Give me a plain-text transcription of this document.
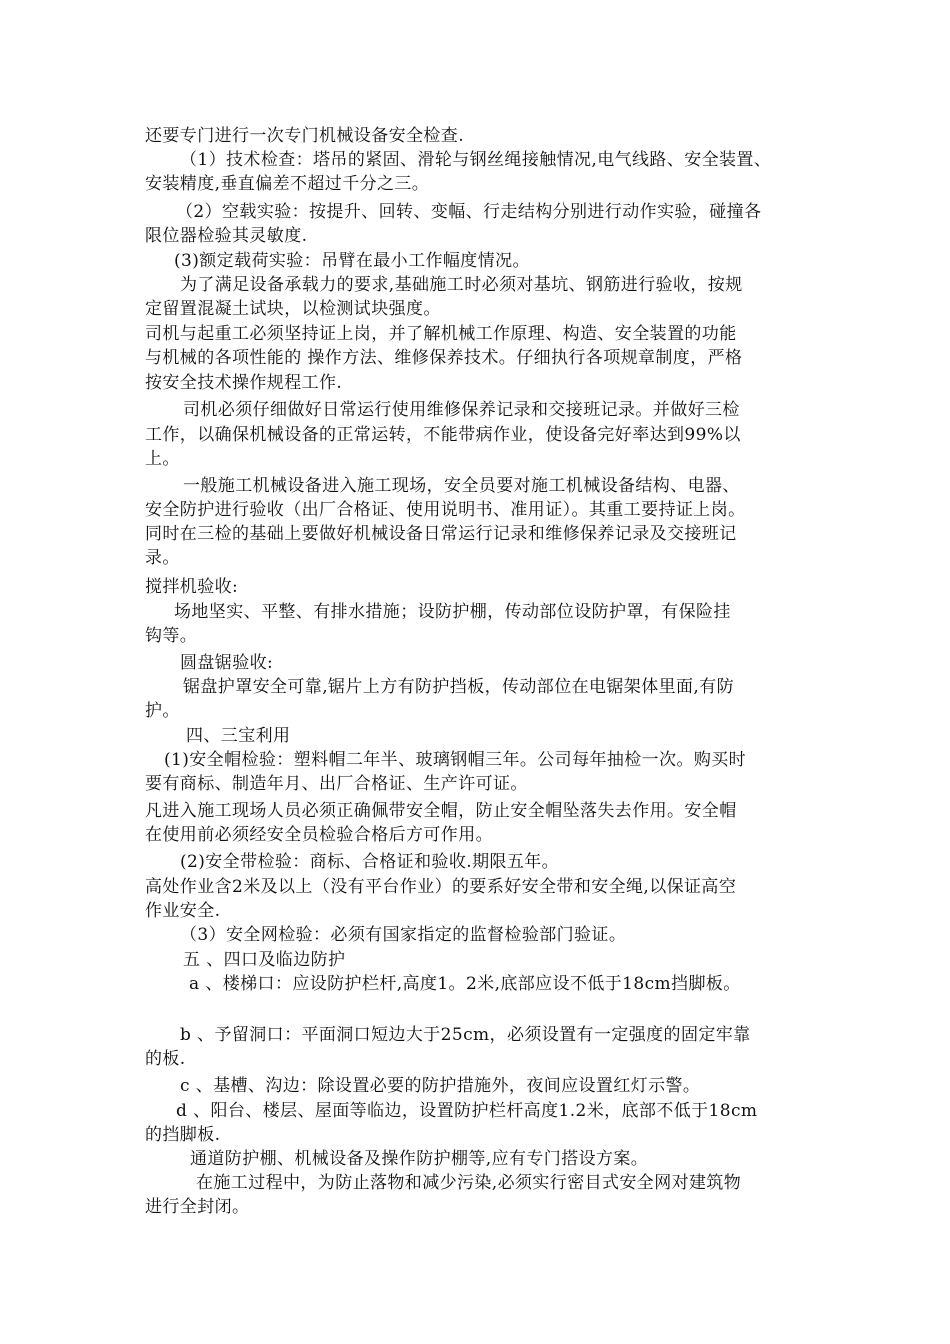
还要专门进行一次专门机械设备安全检查.
（1）技术检查：塔吊的紧固、滑轮与钢丝绳接触情况,电气线路、安全装置、
安装精度,垂直偏差不超过千分之三。
（2）空载实验：按提升、回转、变幅、行走结构分别进行动作实验，碰撞各
限位器检验其灵敏度.
(3)额定载荷实验：吊臂在最小工作幅度情况。
为了满足设备承载力的要求,基础施工时必须对基坑、钢筋进行验收，按规
定留置混凝土试块，以检测试块强度。
司机与起重工必须坚持证上岗，并了解机械工作原理、构造、安全装置的功能
与机械的各项性能的 操作方法、维修保养技术。仔细执行各项规章制度，严格
按安全技术操作规程工作.
司机必须仔细做好日常运行使用维修保养记录和交接班记录。并做好三检
工作，以确保机械设备的正常运转，不能带病作业，使设备完好率达到99%以
上。
一般施工机械设备进入施工现场，安全员要对施工机械设备结构、电器、
安全防护进行验收（出厂合格证、使用说明书、准用证）。其重工要持证上岗。
同时在三检的基础上要做好机械设备日常运行记录和维修保养记录及交接班记
录。
搅拌机验收:
场地坚实、平整、有排水措施；设防护棚，传动部位设防护罩，有保险挂
钩等。
圆盘锯验收:
锯盘护罩安全可靠,锯片上方有防护挡板，传动部位在电锯架体里面,有防
护。
四、三宝利用
(1)安全帽检验：塑料帽二年半、玻璃钢帽三年。公司每年抽检一次。购买时
要有商标、制造年月、出厂合格证、生产许可证。
凡进入施工现场人员必须正确佩带安全帽，防止安全帽坠落失去作用。安全帽
在使用前必须经安全员检验合格后方可作用。
(2)安全带检验：商标、合格证和验收.期限五年。
高处作业含2米及以上（没有平台作业）的要系好安全带和安全绳,以保证高空
作业安全.
（3）安全网检验：必须有国家指定的监督检验部门验证。
五 、四口及临边防护
a 、楼梯口：应设防护栏杆,高度1。2米,底部应设不低于18cm挡脚板。
b 、予留洞口：平面洞口短边大于25cm，必须设置有一定强度的固定牢靠
的板.
c 、基槽、沟边：除设置必要的防护措施外，夜间应设置红灯示警。
d 、阳台、楼层、屋面等临边，设置防护栏杆高度1.2米，底部不低于18cm
的挡脚板.
通道防护棚、机械设备及操作防护棚等,应有专门搭设方案。
在施工过程中，为防止落物和减少污染,必须实行密目式安全网对建筑物
进行全封闭。
